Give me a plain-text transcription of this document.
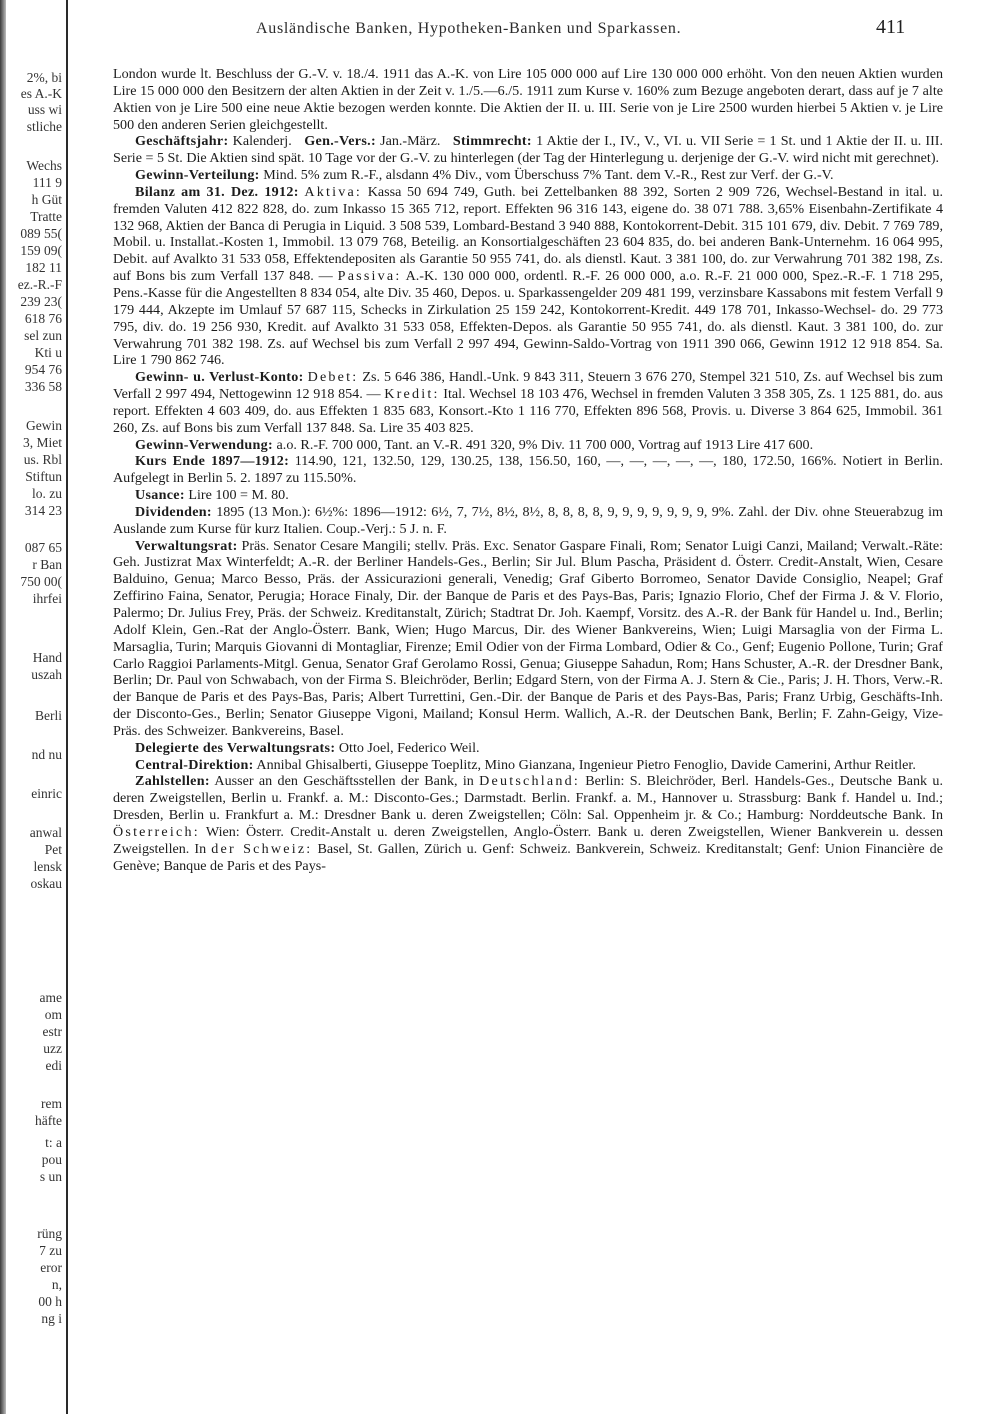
2%, bi
es A.-K
uss wi
stliche
Wechs
111 9
h Güt
Tratte
089 55(
159 09(
182 11
ez.-R.-F
239 23(
618 76
sel zun
Kti u
954 76
336 58
Gewin
3, Miet
us. Rbl
Stiftun
lo. zu
314 23
087 65
r Ban
750 00(
ihrfei
Hand
uszah
Berli
nd nu
einric
anwal
Pet
lensk
oskau
ame
om
estr
uzz
edi
rem
häfte
t: a
pou
s un
rüng
7 zu
eror
n,
00 h
ng i
Ausländische Banken, Hypotheken-Banken und Sparkassen.	411

London wurde lt. Beschluss der G.-V. v. 18./4. 1911 das A.-K. von Lire 105 000 000 auf Lire 130 000 000 erhöht. Von den neuen Aktien wurden Lire 15 000 000 den Besitzern der alten Aktien in der Zeit v. 1./5.—6./5. 1911 zum Kurse v. 160% zum Bezuge angeboten derart, dass auf je 7 alte Aktien von je Lire 500 eine neue Aktie bezogen werden konnte. Die Aktien der II. u. III. Serie von je Lire 2500 wurden hierbei 5 Aktien v. je Lire 500 den anderen Serien gleichgestellt.

Geschäftsjahr: Kalenderj. Gen.-Vers.: Jan.-März. Stimmrecht: 1 Aktie der I., IV., V., VI. u. VII Serie = 1 St. und 1 Aktie der II. u. III. Serie = 5 St. Die Aktien sind spät. 10 Tage vor der G.-V. zu hinterlegen (der Tag der Hinterlegung u. derjenige der G.-V. wird nicht mit gerechnet).

Gewinn-Verteilung: Mind. 5% zum R.-F., alsdann 4% Div., vom Überschuss 7% Tant. dem V.-R., Rest zur Verf. der G.-V.

Bilanz am 31. Dez. 1912: Aktiva: Kassa 50 694 749, Guth. bei Zettelbanken 88 392, Sorten 2 909 726, Wechsel-Bestand in ital. u. fremden Valuten 412 822 828, do. zum Inkasso 15 365 712, report. Effekten 96 316 143, eigene do. 38 071 788. 3,65% Eisenbahn-Zertifikate 4 132 968, Aktien der Banca di Perugia in Liquid. 3 508 539, Lombard-Bestand 3 940 888, Kontokorrent-Debit. 315 101 679, div. Debit. 7 769 789, Mobil. u. Installat.-Kosten 1, Immobil. 13 079 768, Beteilig. an Konsortialgeschäften 23 604 835, do. bei anderen Bank-Unternehm. 16 064 995, Debit. auf Avalkto 31 533 058, Effektendepositen als Garantie 50 955 741, do. als dienstl. Kaut. 3 381 100, do. zur Verwahrung 701 382 198, Zs. auf Bons bis zum Verfall 137 848. — Passiva: A.-K. 130 000 000, ordentl. R.-F. 26 000 000, a.o. R.-F. 21 000 000, Spez.-R.-F. 1 718 295, Pens.-Kasse für die Angestellten 8 834 054, alte Div. 35 460, Depos. u. Sparkassengelder 209 481 199, verzinsbare Kassabons mit festem Verfall 9 179 444, Akzepte im Umlauf 57 687 115, Schecks in Zirkulation 25 159 242, Kontokorrent-Kredit. 449 178 701, Inkasso-Wechsel- do. 29 773 795, div. do. 19 256 930, Kredit. auf Avalkto 31 533 058, Effekten-Depos. als Garantie 50 955 741, do. als dienstl. Kaut. 3 381 100, do. zur Verwahrung 701 382 198. Zs. auf Wechsel bis zum Verfall 2 997 494, Gewinn-Saldo-Vortrag von 1911 390 066, Gewinn 1912 12 918 854. Sa. Lire 1 790 862 746.

Gewinn- u. Verlust-Konto: Debet: Zs. 5 646 386, Handl.-Unk. 9 843 311, Steuern 3 676 270, Stempel 321 510, Zs. auf Wechsel bis zum Verfall 2 997 494, Nettogewinn 12 918 854. — Kredit: Ital. Wechsel 18 103 476, Wechsel in fremden Valuten 3 358 305, Zs. 1 125 881, do. aus report. Effekten 4 603 409, do. aus Effekten 1 835 683, Konsort.-Kto 1 116 770, Effekten 896 568, Provis. u. Diverse 3 864 625, Immobil. 361 260, Zs. auf Bons bis zum Verfall 137 848. Sa. Lire 35 403 825.

Gewinn-Verwendung: a.o. R.-F. 700 000, Tant. an V.-R. 491 320, 9% Div. 11 700 000, Vortrag auf 1913 Lire 417 600.

Kurs Ende 1897—1912: 114.90, 121, 132.50, 129, 130.25, 138, 156.50, 160, —, —, —, —, —, 180, 172.50, 166%. Notiert in Berlin. Aufgelegt in Berlin 5. 2. 1897 zu 115.50%.

Usance: Lire 100 = M. 80.

Dividenden: 1895 (13 Mon.): 6½%: 1896—1912: 6½, 7, 7½, 8½, 8½, 8, 8, 8, 8, 9, 9, 9, 9, 9, 9, 9, 9%. Zahl. der Div. ohne Steuerabzug im Auslande zum Kurse für kurz Italien. Coup.-Verj.: 5 J. n. F.

Verwaltungsrat: Präs. Senator Cesare Mangili; stellv. Präs. Exc. Senator Gaspare Finali, Rom; Senator Luigi Canzi, Mailand; Verwalt.-Räte: Geh. Justizrat Max Winterfeldt; A.-R. der Berliner Handels-Ges., Berlin; Sir Jul. Blum Pascha, Präsident d. Österr. Credit-Anstalt, Wien, Cesare Balduino, Genua; Marco Besso, Präs. der Assicurazioni generali, Venedig; Graf Giberto Borromeo, Senator Davide Consiglio, Neapel; Graf Zeffirino Faina, Senator, Perugia; Horace Finaly, Dir. der Banque de Paris et des Pays-Bas, Paris; Ignazio Florio, Chef der Firma J. & V. Florio, Palermo; Dr. Julius Frey, Präs. der Schweiz. Kreditanstalt, Zürich; Stadtrat Dr. Joh. Kaempf, Vorsitz. des A.-R. der Bank für Handel u. Ind., Berlin; Adolf Klein, Gen.-Rat der Anglo-Österr. Bank, Wien; Hugo Marcus, Dir. des Wiener Bankvereins, Wien; Luigi Marsaglia von der Firma L. Marsaglia, Turin; Marquis Giovanni di Montagliar, Firenze; Emil Odier von der Firma Lombard, Odier & Co., Genf; Eugenio Pollone, Turin; Graf Carlo Raggioi Parlaments-Mitgl. Genua, Senator Graf Gerolamo Rossi, Genua; Giuseppe Sahadun, Rom; Hans Schuster, A.-R. der Dresdner Bank, Berlin; Dr. Paul von Schwabach, von der Firma S. Bleichröder, Berlin; Edgard Stern, von der Firma A. J. Stern & Cie., Paris; J. H. Thors, Verw.-R. der Banque de Paris et des Pays-Bas, Paris; Albert Turrettini, Gen.-Dir. der Banque de Paris et des Pays-Bas, Paris; Franz Urbig, Geschäfts-Inh. der Disconto-Ges., Berlin; Senator Giuseppe Vigoni, Mailand; Konsul Herm. Wallich, A.-R. der Deutschen Bank, Berlin; F. Zahn-Geigy, Vize-Präs. des Schweizer. Bankvereins, Basel.

Delegierte des Verwaltungsrats: Otto Joel, Federico Weil.

Central-Direktion: Annibal Ghisalberti, Giuseppe Toeplitz, Mino Gianzana, Ingenieur Pietro Fenoglio, Davide Camerini, Arthur Reitler.

Zahlstellen: Ausser an den Geschäftsstellen der Bank, in Deutschland: Berlin: S. Bleichröder, Berl. Handels-Ges., Deutsche Bank u. deren Zweigstellen, Berlin u. Frankf. a. M.: Disconto-Ges.; Darmstadt. Berlin. Frankf. a. M., Hannover u. Strassburg: Bank f. Handel u. Ind.; Dresden, Berlin u. Frankfurt a. M.: Dresdner Bank u. deren Zweigstellen; Cöln: Sal. Oppenheim jr. & Co.; Hamburg: Norddeutsche Bank. In Österreich: Wien: Österr. Credit-Anstalt u. deren Zweigstellen, Anglo-Österr. Bank u. deren Zweigstellen, Wiener Bankverein u. dessen Zweigstellen. In der Schweiz: Basel, St. Gallen, Zürich u. Genf: Schweiz. Bankverein, Schweiz. Kreditanstalt; Genf: Union Financière de Genève; Banque de Paris et des Pays-
